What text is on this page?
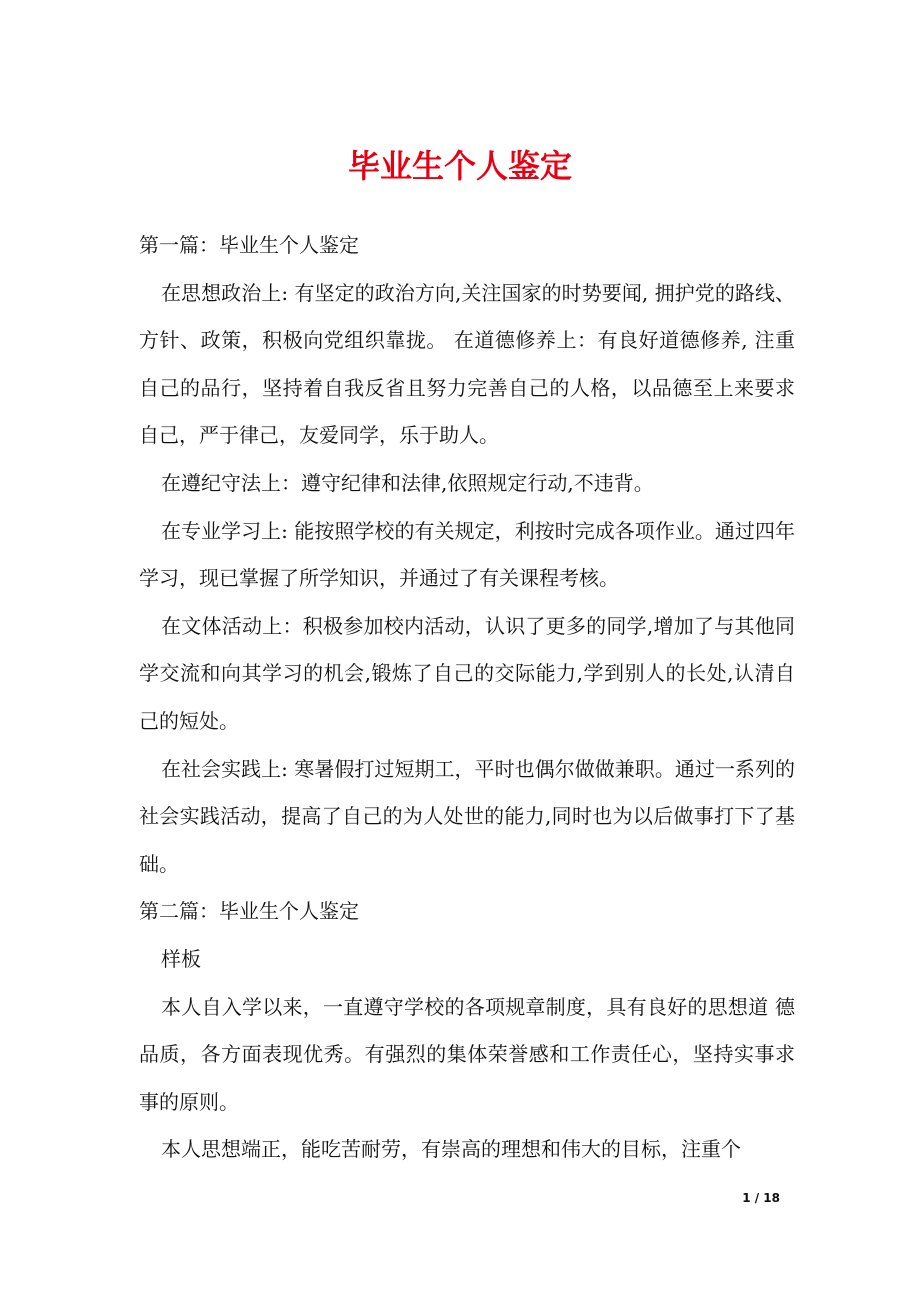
毕业生个人鉴定

第一篇：毕业生个人鉴定

在思想政治上: 有坚定的政治方向,关注国家的时势要闻, 拥护党的路线、方针、政策，积极向党组织靠拢。 在道德修养上：有良好道德修养, 注重自己的品行，坚持着自我反省且努力完善自己的人格，以品德至上来要求自己，严于律己，友爱同学，乐于助人。

在遵纪守法上：遵守纪律和法律,依照规定行动,不违背。

在专业学习上: 能按照学校的有关规定，利按时完成各项作业。通过四年学习，现已掌握了所学知识，并通过了有关课程考核。

在文体活动上：积极参加校内活动，认识了更多的同学,增加了与其他同学交流和向其学习的机会,锻炼了自己的交际能力,学到别人的长处,认清自己的短处。

在社会实践上: 寒暑假打过短期工，平时也偶尔做做兼职。通过一系列的社会实践活动，提高了自己的为人处世的能力,同时也为以后做事打下了基础。

第二篇：毕业生个人鉴定

样板

本人自入学以来，一直遵守学校的各项规章制度，具有良好的思想道 德品质，各方面表现优秀。有强烈的集体荣誉感和工作责任心，坚持实事求事的原则。

本人思想端正，能吃苦耐劳，有崇高的理想和伟大的目标，注重个

1 / 18
